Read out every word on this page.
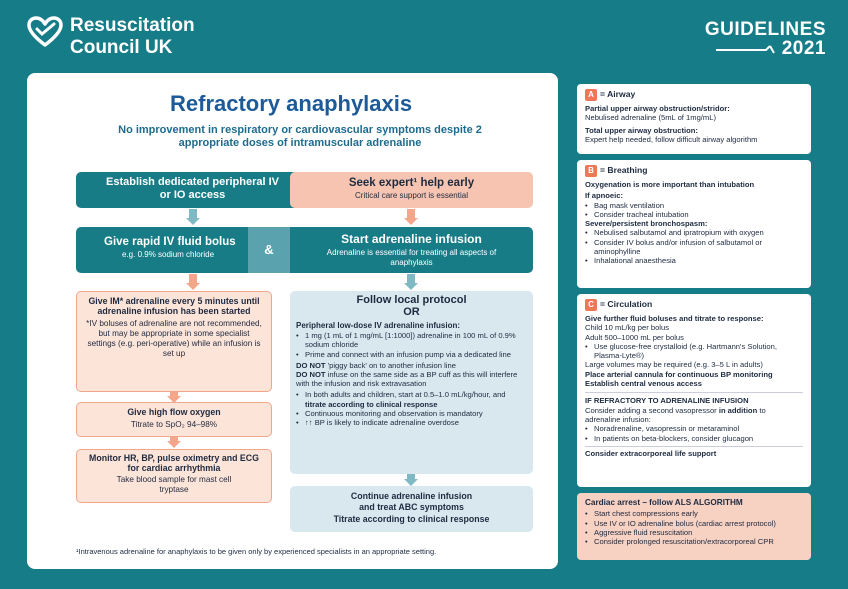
Resuscitation
Council UK
GUIDELINES
2021
Refractory anaphylaxis
No improvement in respiratory or cardiovascular symptoms despite 2 appropriate doses of intramuscular adrenaline
Establish dedicated peripheral IV or IO access
Seek expert¹ help early
Critical care support is essential
Give rapid IV fluid bolus
e.g. 0.9% sodium chloride	&
Start adrenaline infusion
Adrenaline is essential for treating all aspects of anaphylaxis
Give IM* adrenaline every 5 minutes until adrenaline infusion has been started
*IV boluses of adrenaline are not recommended, but may be appropriate in some specialist settings (e.g. peri-operative) while an infusion is set up
Give high flow oxygen
Titrate to SpO₂ 94–98%
Monitor HR, BP, pulse oximetry and ECG for cardiac arrhythmia
Take blood sample for mast cell tryptase
Follow local protocol
OR
Peripheral low-dose IV adrenaline infusion:
• 1 mg (1 mL of 1 mg/mL [1:1000]) adrenaline in 100 mL of 0.9% sodium chloride
• Prime and connect with an infusion pump via a dedicated line
DO NOT 'piggy back' on to another infusion line
DO NOT infuse on the same side as a BP cuff as this will interfere with the infusion and risk extravasation
• In both adults and children, start at 0.5–1.0 mL/kg/hour, and titrate according to clinical response
• Continuous monitoring and observation is mandatory
• ↑↑ BP is likely to indicate adrenaline overdose
Continue adrenaline infusion
and treat ABC symptoms
Titrate according to clinical response
¹Intravenous adrenaline for anaphylaxis to be given only by experienced specialists in an appropriate setting.
A = Airway
Partial upper airway obstruction/stridor:
Nebulised adrenaline (5mL of 1mg/mL)
Total upper airway obstruction:
Expert help needed, follow difficult airway algorithm
B = Breathing
Oxygenation is more important than intubation
If apnoeic:
• Bag mask ventilation
• Consider tracheal intubation
Severe/persistent bronchospasm:
• Nebulised salbutamol and ipratropium with oxygen
• Consider IV bolus and/or infusion of salbutamol or aminophylline
• Inhalational anaesthesia
C = Circulation
Give further fluid boluses and titrate to response:
Child 10 mL/kg per bolus
Adult 500–1000 mL per bolus
• Use glucose-free crystalloid (e.g. Hartmann's Solution, Plasma-Lyte®)
Large volumes may be required (e.g. 3–5 L in adults)
Place arterial cannula for continuous BP monitoring
Establish central venous access
IF REFRACTORY TO ADRENALINE INFUSION
Consider adding a second vasopressor in addition to adrenaline infusion:
• Noradrenaline, vasopressin or metaraminol
• In patients on beta-blockers, consider glucagon
Consider extracorporeal life support
Cardiac arrest – follow ALS ALGORITHM
• Start chest compressions early
• Use IV or IO adrenaline bolus (cardiac arrest protocol)
• Aggressive fluid resuscitation
• Consider prolonged resuscitation/extracorporeal CPR
